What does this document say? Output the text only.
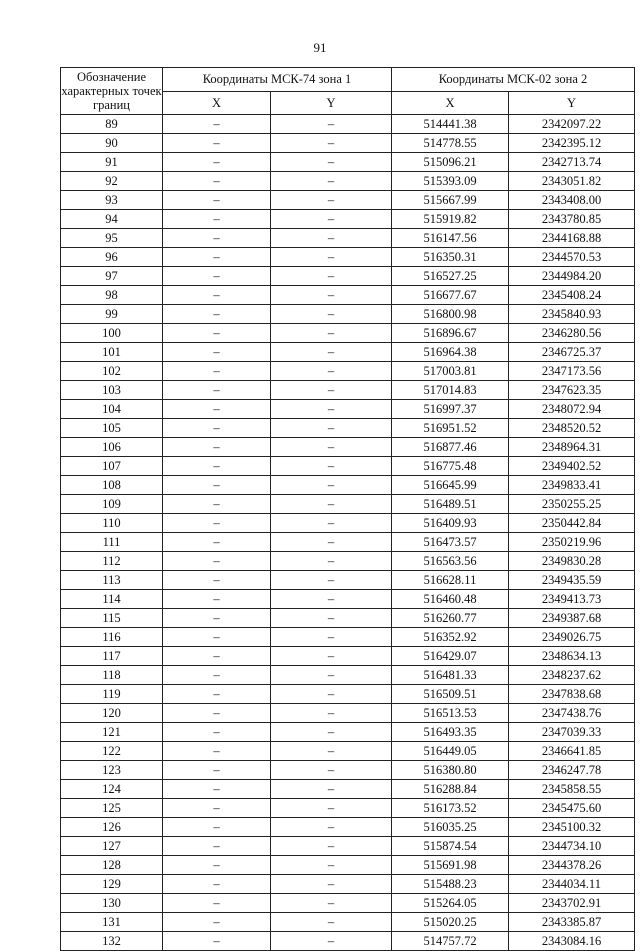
91
Обозначение характерных точек границ	Координаты МСК-74 зона 1		Координаты МСК-02 зона 2	
	X	Y	X	Y
89	–	–	514441.38	2342097.22
90	–	–	514778.55	2342395.12
91	–	–	515096.21	2342713.74
92	–	–	515393.09	2343051.82
93	–	–	515667.99	2343408.00
94	–	–	515919.82	2343780.85
95	–	–	516147.56	2344168.88
96	–	–	516350.31	2344570.53
97	–	–	516527.25	2344984.20
98	–	–	516677.67	2345408.24
99	–	–	516800.98	2345840.93
100	–	–	516896.67	2346280.56
101	–	–	516964.38	2346725.37
102	–	–	517003.81	2347173.56
103	–	–	517014.83	2347623.35
104	–	–	516997.37	2348072.94
105	–	–	516951.52	2348520.52
106	–	–	516877.46	2348964.31
107	–	–	516775.48	2349402.52
108	–	–	516645.99	2349833.41
109	–	–	516489.51	2350255.25
110	–	–	516409.93	2350442.84
111	–	–	516473.57	2350219.96
112	–	–	516563.56	2349830.28
113	–	–	516628.11	2349435.59
114	–	–	516460.48	2349413.73
115	–	–	516260.77	2349387.68
116	–	–	516352.92	2349026.75
117	–	–	516429.07	2348634.13
118	–	–	516481.33	2348237.62
119	–	–	516509.51	2347838.68
120	–	–	516513.53	2347438.76
121	–	–	516493.35	2347039.33
122	–	–	516449.05	2346641.85
123	–	–	516380.80	2346247.78
124	–	–	516288.84	2345858.55
125	–	–	516173.52	2345475.60
126	–	–	516035.25	2345100.32
127	–	–	515874.54	2344734.10
128	–	–	515691.98	2344378.26
129	–	–	515488.23	2344034.11
130	–	–	515264.05	2343702.91
131	–	–	515020.25	2343385.87
132	–	–	514757.72	2343084.16
